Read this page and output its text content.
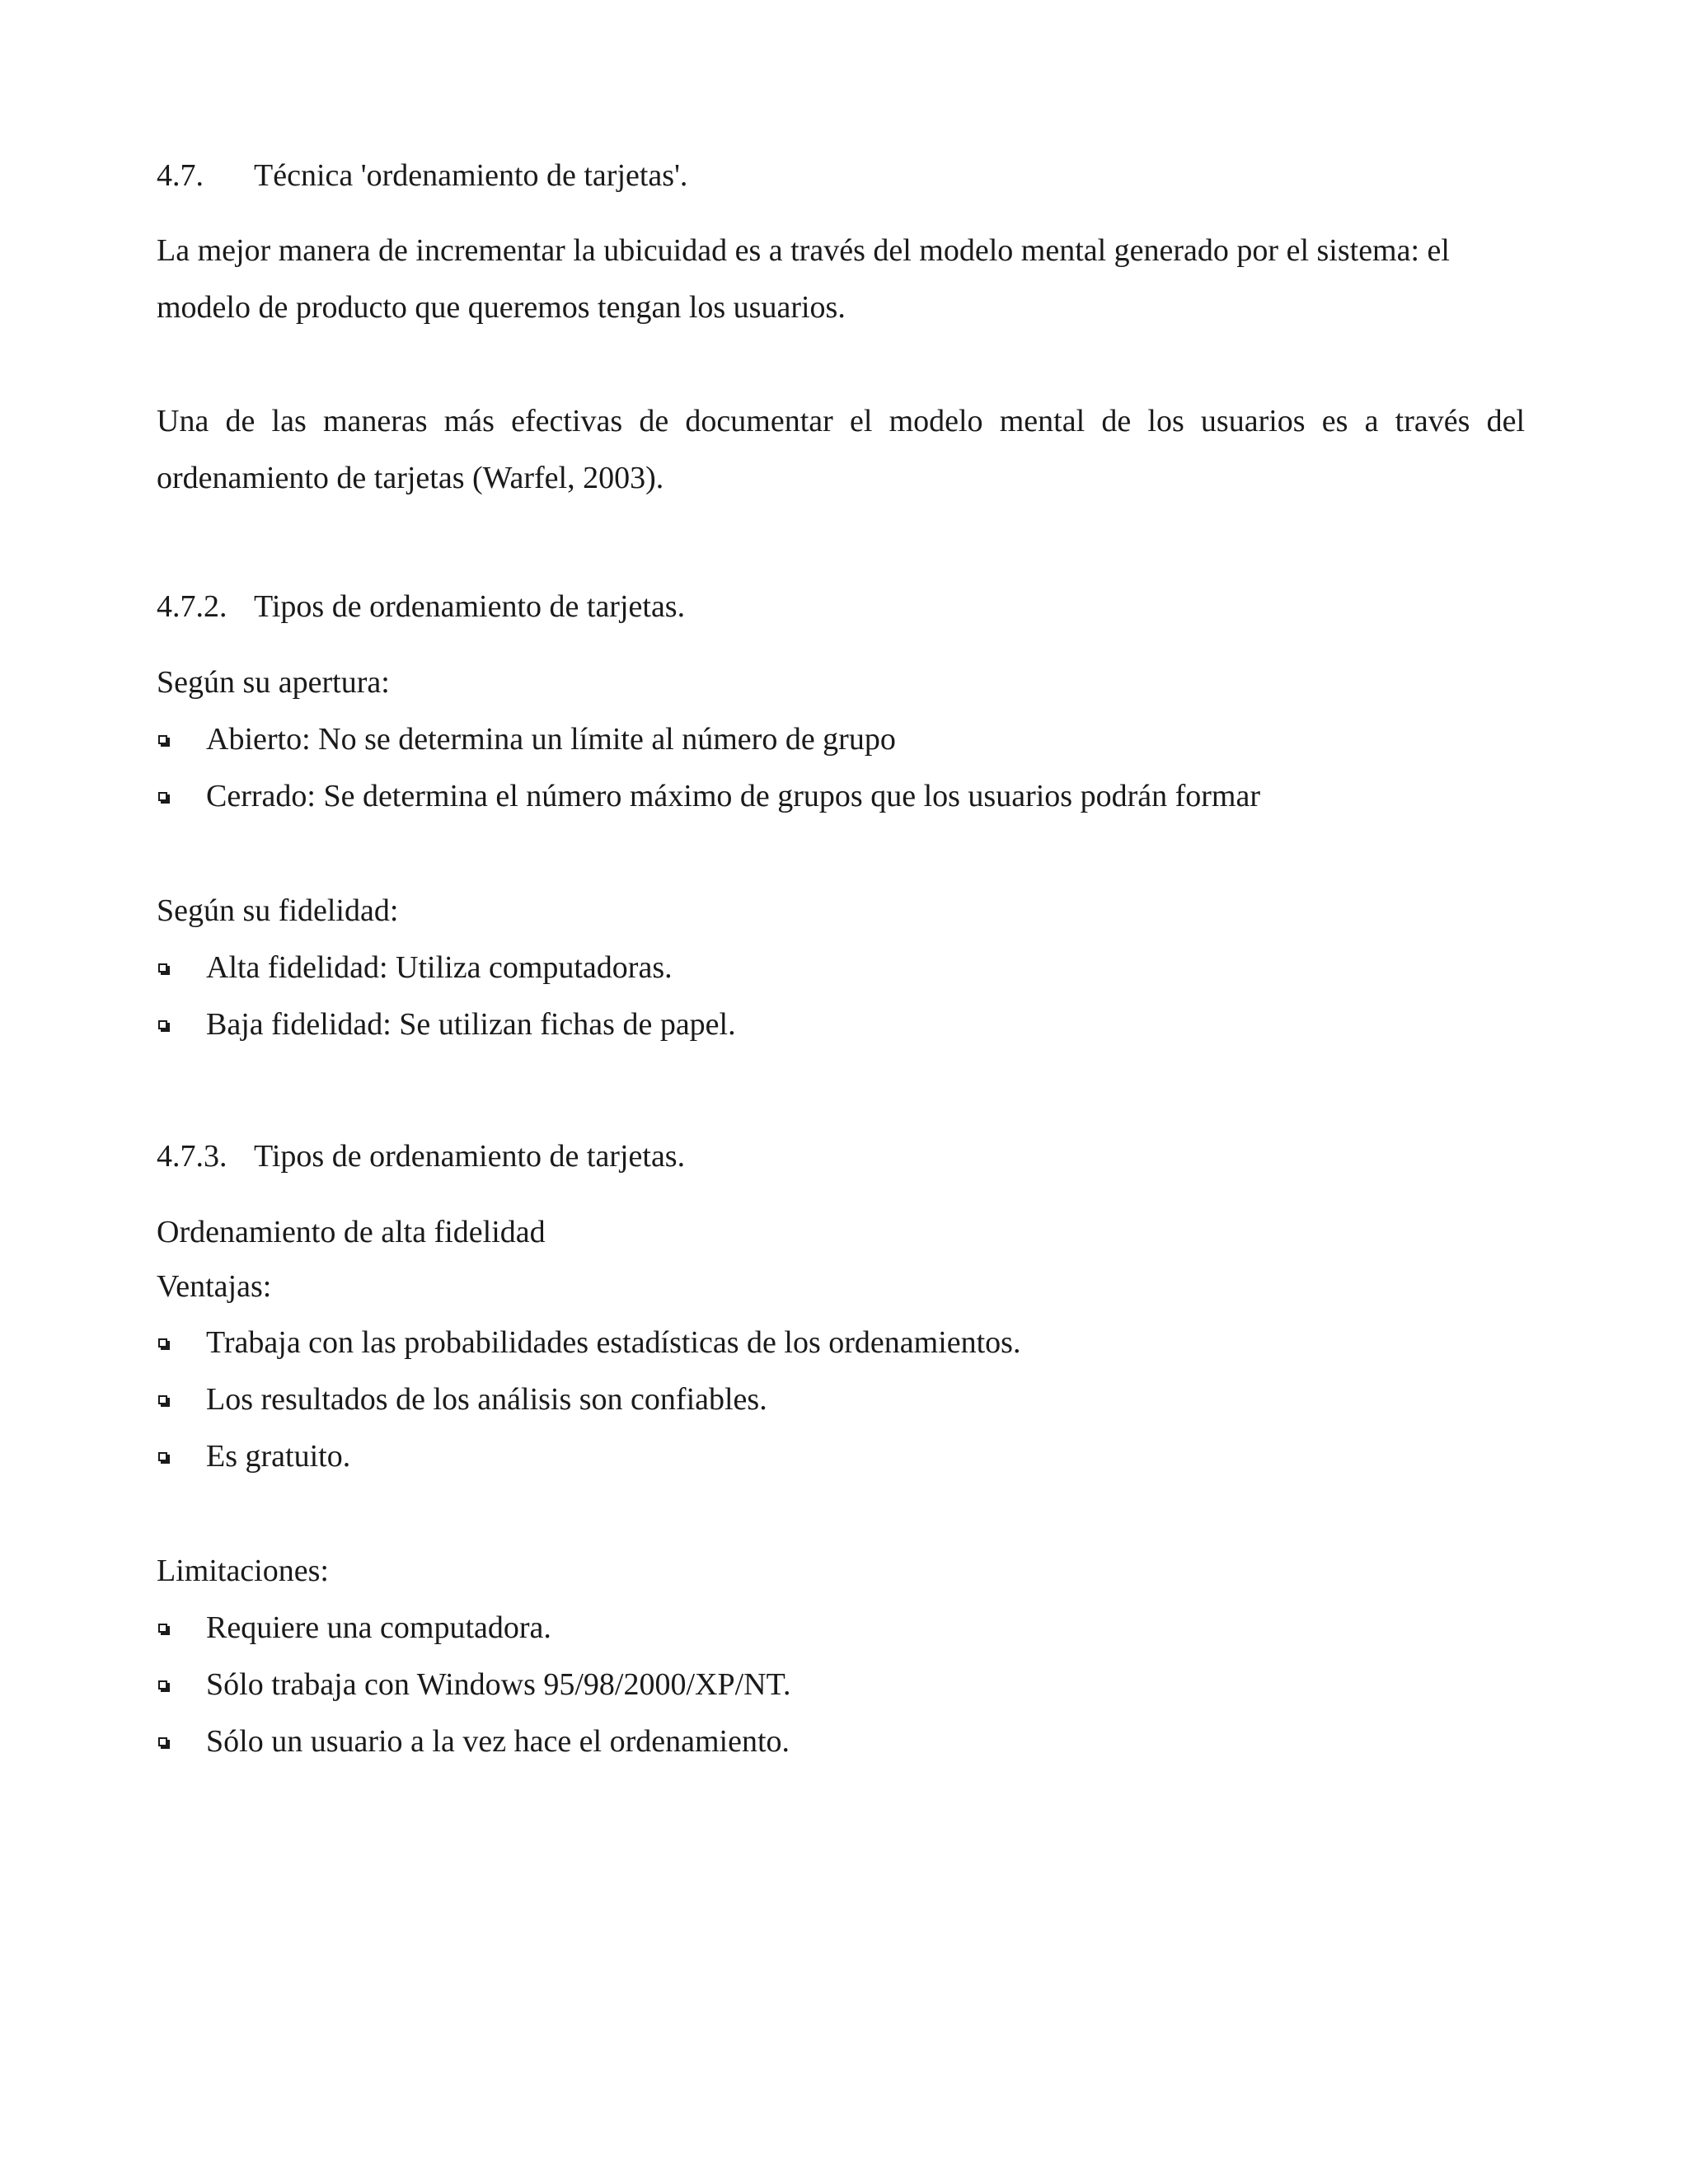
4.7. Técnica 'ordenamiento de tarjetas'.

La mejor manera de incrementar la ubicuidad es a través del modelo mental generado por el sistema: el modelo de producto que queremos tengan los usuarios.

Una de las maneras más efectivas de documentar el modelo mental de los usuarios es a través del ordenamiento de tarjetas (Warfel, 2003).

4.7.2. Tipos de ordenamiento de tarjetas.
Según su apertura:
Abierto: No se determina un límite al número de grupo
Cerrado: Se determina el número máximo de grupos que los usuarios podrán formar
Según su fidelidad:
Alta fidelidad: Utiliza computadoras.
Baja fidelidad: Se utilizan fichas de papel.
4.7.3. Tipos de ordenamiento de tarjetas.
Ordenamiento de alta fidelidad
Ventajas:
Trabaja con las probabilidades estadísticas de los ordenamientos.
Los resultados de los análisis son confiables.
Es gratuito.
Limitaciones:
Requiere una computadora.
Sólo trabaja con Windows 95/98/2000/XP/NT.
Sólo un usuario a la vez hace el ordenamiento.
